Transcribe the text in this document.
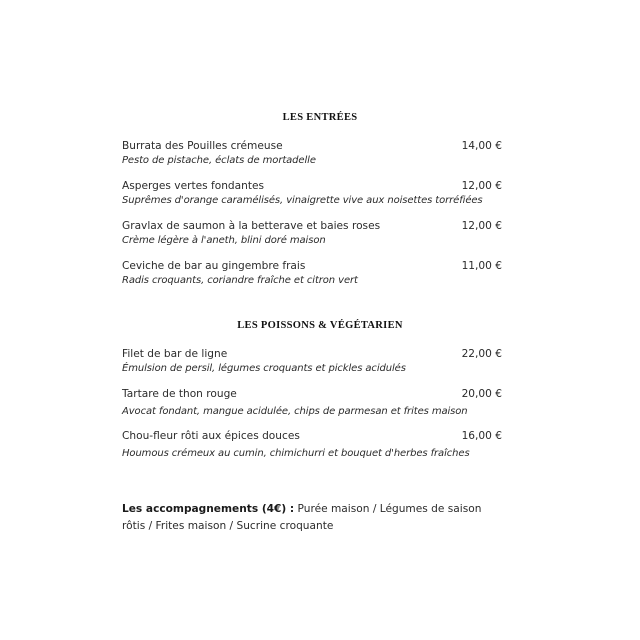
LES ENTRÉES
Burrata des Pouilles crémeuse	14,00 €
Pesto de pistache, éclats de mortadelle
Asperges vertes fondantes	12,00 €
Suprêmes d'orange caramélisés, vinaigrette vive aux noisettes torréfiées
Gravlax de saumon à la betterave et baies roses	12,00 €
Crème légère à l'aneth, blini doré maison
Ceviche de bar au gingembre frais	11,00 €
Radis croquants, coriandre fraîche et citron vert
LES POISSONS & VÉGÉTARIEN
Filet de bar de ligne	22,00 €
Émulsion de persil, légumes croquants et pickles acidulés
Tartare de thon rouge	20,00 €
Avocat fondant, mangue acidulée, chips de parmesan et frites maison
Chou-fleur rôti aux épices douces	16,00 €
Houmous crémeux au cumin, chimichurri et bouquet d'herbes fraîches
Les accompagnements (4€) : Purée maison / Légumes de saison rôtis / Frites maison / Sucrine croquante
